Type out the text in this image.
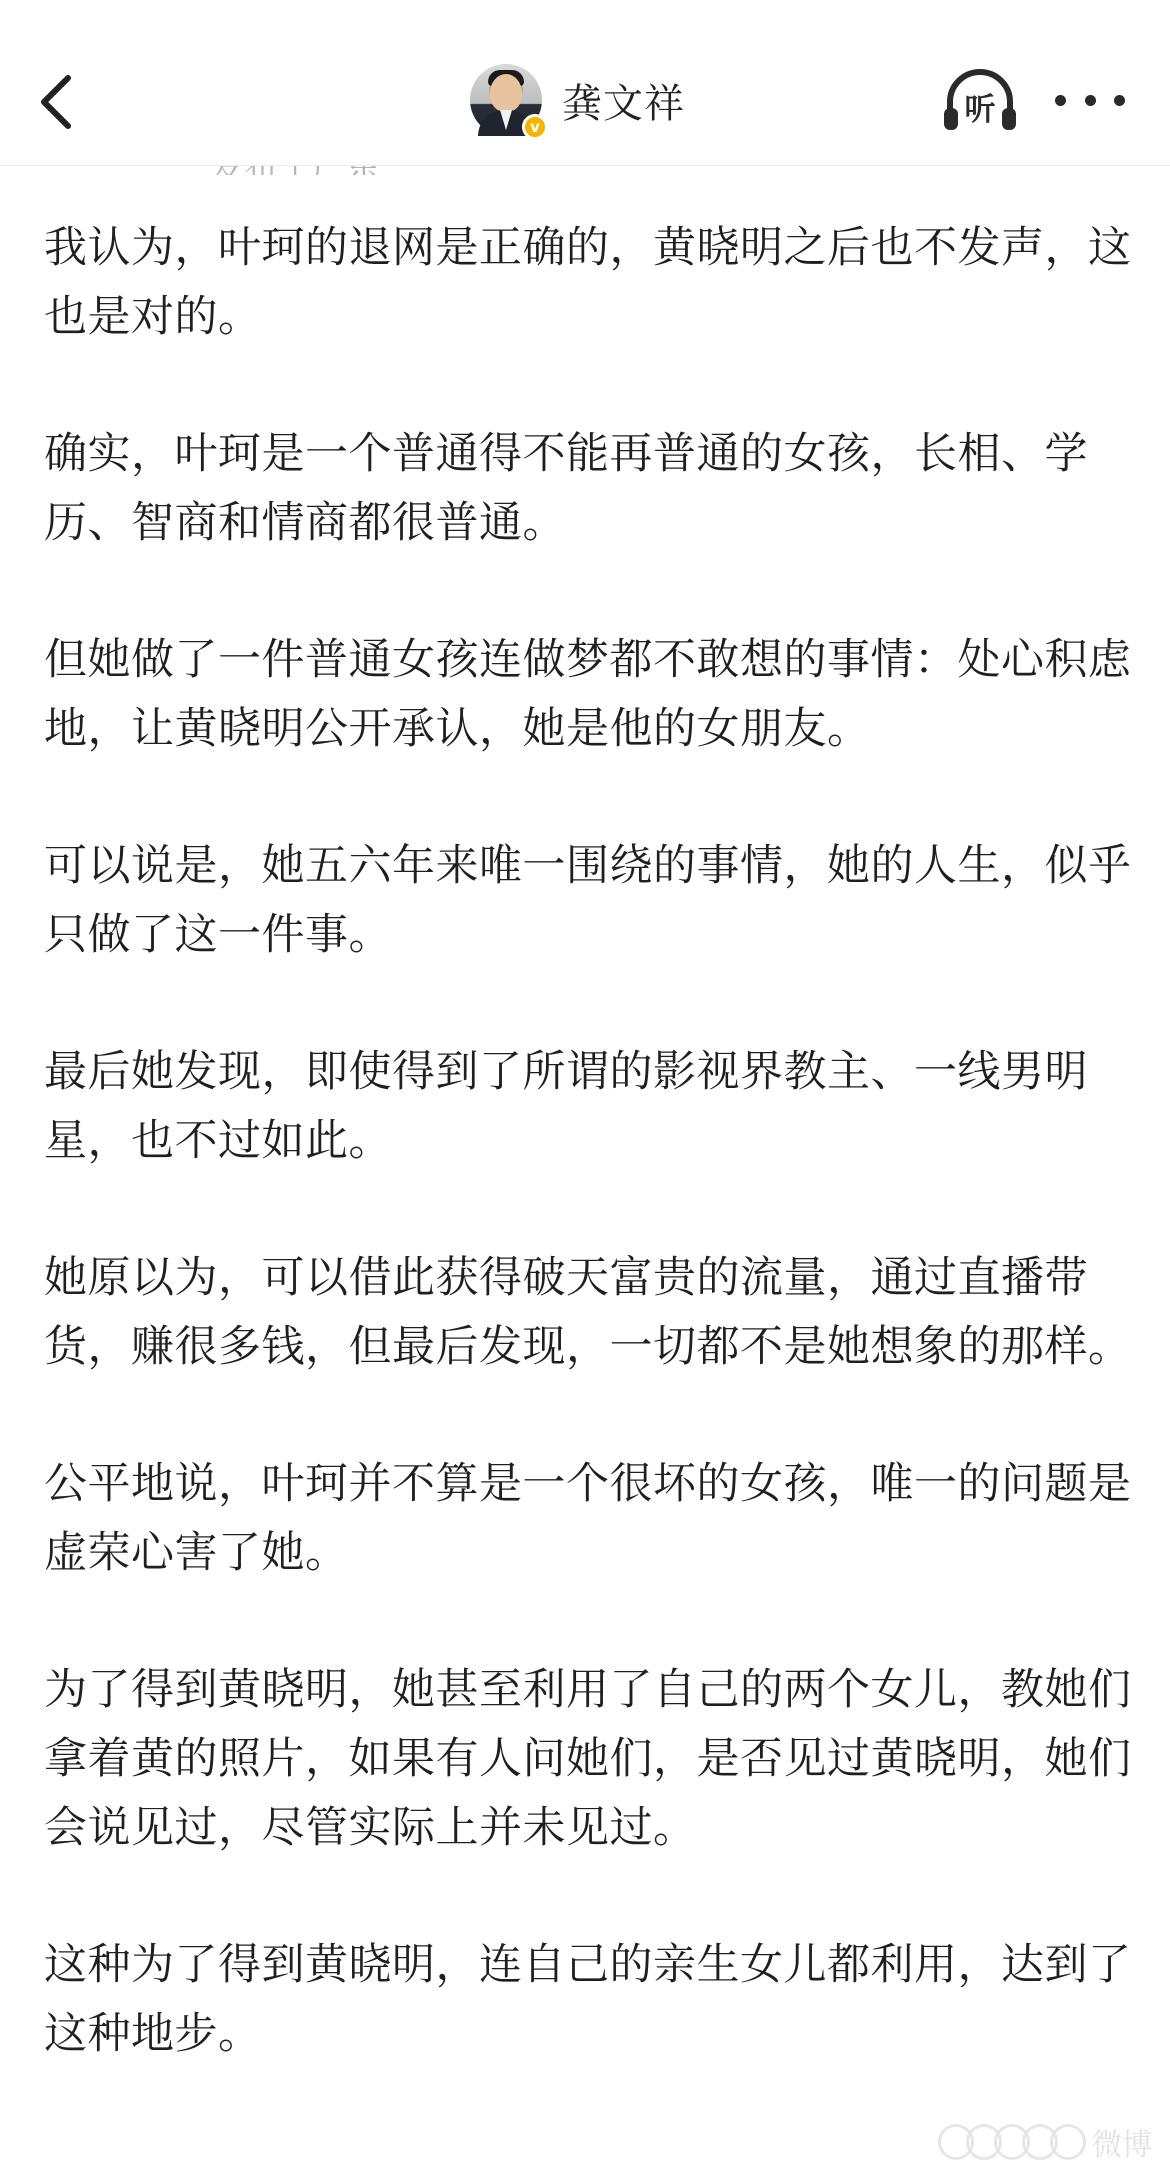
v
龚文祥	听

我认为，叶珂的退网是正确的，黄晓明之后也不发声，这也是对的。

确实，叶珂是一个普通得不能再普通的女孩，长相、学历、智商和情商都很普通。

但她做了一件普通女孩连做梦都不敢想的事情：处心积虑地，让黄晓明公开承认，她是他的女朋友。

可以说是，她五六年来唯一围绕的事情，她的人生，似乎只做了这一件事。

最后她发现，即使得到了所谓的影视界教主、一线男明星，也不过如此。

她原以为，可以借此获得破天富贵的流量，通过直播带货，赚很多钱，但最后发现，一切都不是她想象的那样。

公平地说，叶珂并不算是一个很坏的女孩，唯一的问题是虚荣心害了她。

为了得到黄晓明，她甚至利用了自己的两个女儿，教她们拿着黄的照片，如果有人问她们，是否见过黄晓明，她们会说见过，尽管实际上并未见过。

这种为了得到黄晓明，连自己的亲生女儿都利用，达到了这种地步。

微博
